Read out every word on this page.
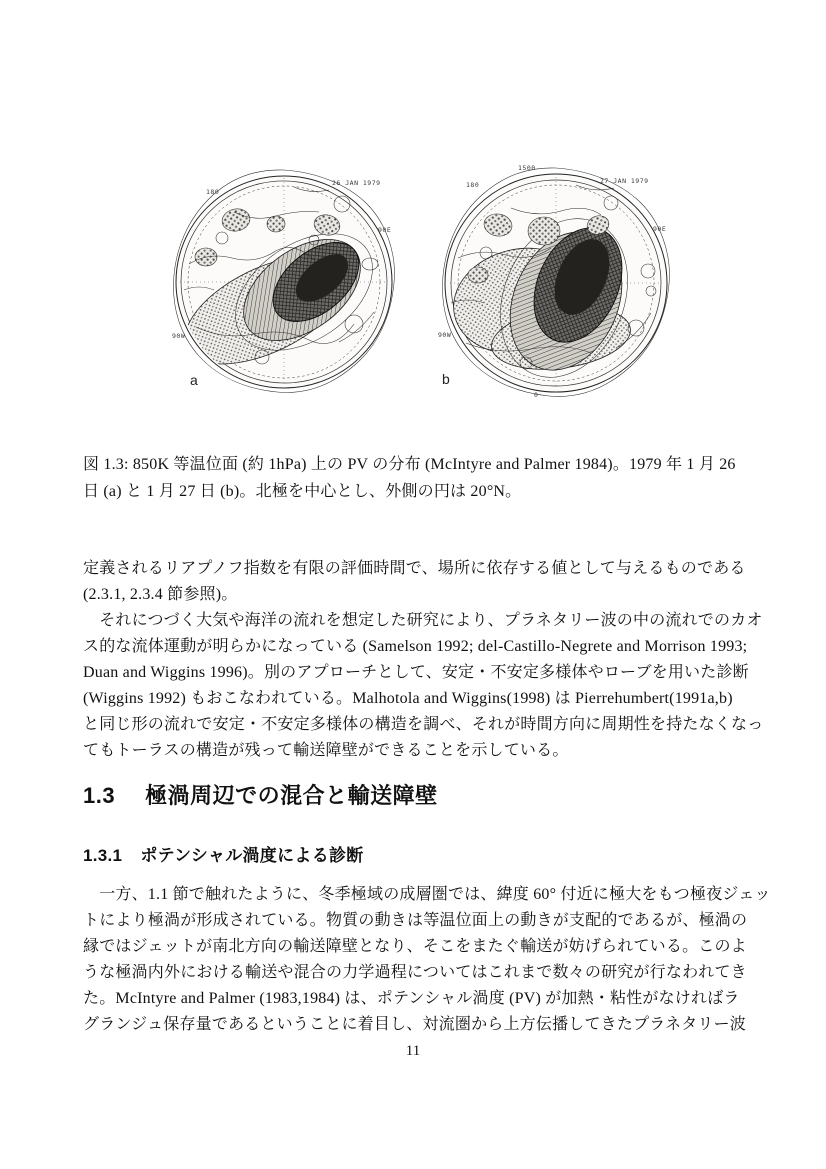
26 JAN 1979
180
90E
90W
a
1500
180	27 JAN 1979
90E
90W
0
b
図 1.3: 850K 等温位面 (約 1hPa) 上の PV の分布 (McIntyre and Palmer 1984)。1979 年 1 月 26
日 (a) と 1 月 27 日 (b)。北極を中心とし、外側の円は 20°N。
定義されるリアプノフ指数を有限の評価時間で、場所に依存する値として与えるものである
(2.3.1, 2.3.4 節参照)。
　それにつづく大気や海洋の流れを想定した研究により、プラネタリー波の中の流れでのカオ
ス的な流体運動が明らかになっている (Samelson 1992; del-Castillo-Negrete and Morrison 1993;
Duan and Wiggins 1996)。別のアプローチとして、安定・不安定多様体やローブを用いた診断
(Wiggins 1992) もおこなわれている。Malhotola and Wiggins(1998) は Pierrehumbert(1991a,b)
と同じ形の流れで安定・不安定多様体の構造を調べ、それが時間方向に周期性を持たなくなっ
てもトーラスの構造が残って輸送障壁ができることを示している。
1.3 極渦周辺での混合と輸送障壁
1.3.1 ポテンシャル渦度による診断
　一方、1.1 節で触れたように、冬季極域の成層圏では、緯度 60° 付近に極大をもつ極夜ジェッ
トにより極渦が形成されている。物質の動きは等温位面上の動きが支配的であるが、極渦の
縁ではジェットが南北方向の輸送障壁となり、そこをまたぐ輸送が妨げられている。このよ
うな極渦内外における輸送や混合の力学過程についてはこれまで数々の研究が行なわれてき
た。McIntyre and Palmer (1983,1984) は、ポテンシャル渦度 (PV) が加熱・粘性がなければラ
グランジュ保存量であるということに着目し、対流圏から上方伝播してきたプラネタリー波
11
